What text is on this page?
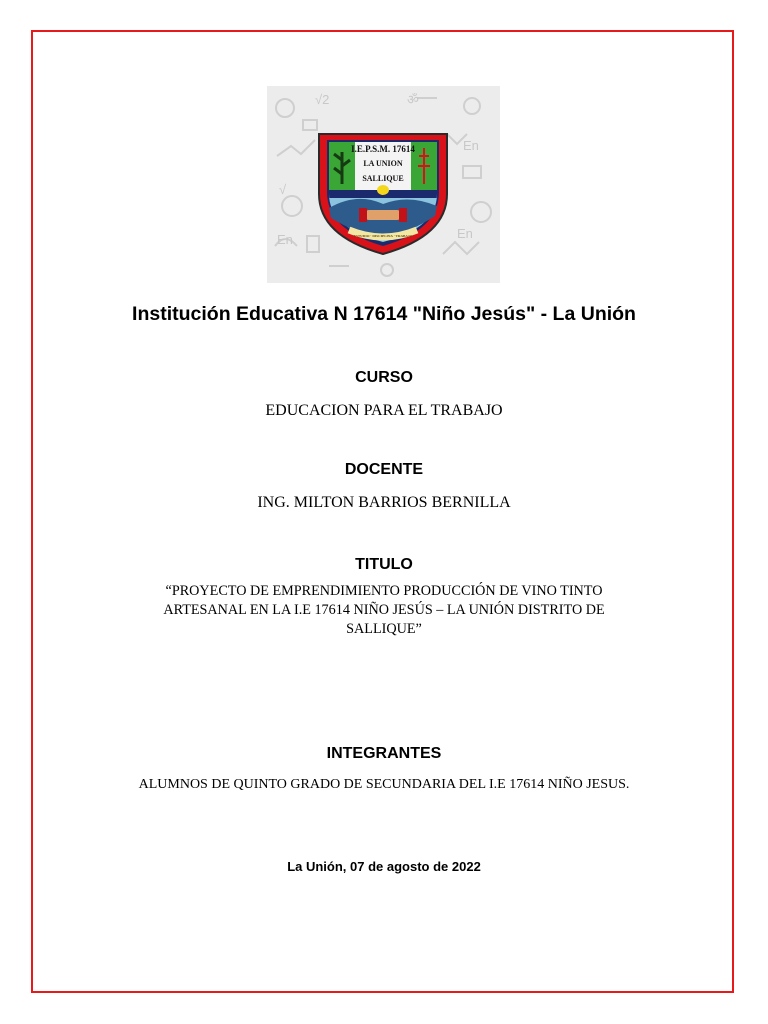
En	En
En
√
ॐ
√2
I.E.P.S.M. 17614
LA UNION
SALLIQUE
ESTUDIO · DISCIPLINA · TRABAJO
Institución Educativa N 17614 "Niño Jesús" - La Unión
CURSO
EDUCACION PARA EL TRABAJO
DOCENTE
ING. MILTON BARRIOS BERNILLA
TITULO
“PROYECTO DE EMPRENDIMIENTO PRODUCCIÓN DE VINO TINTO ARTESANAL EN LA I.E 17614 NIÑO JESÚS – LA UNIÓN DISTRITO DE SALLIQUE”
INTEGRANTES
ALUMNOS DE QUINTO GRADO DE SECUNDARIA DEL I.E 17614 NIÑO JESUS.
La Unión, 07 de agosto de 2022
